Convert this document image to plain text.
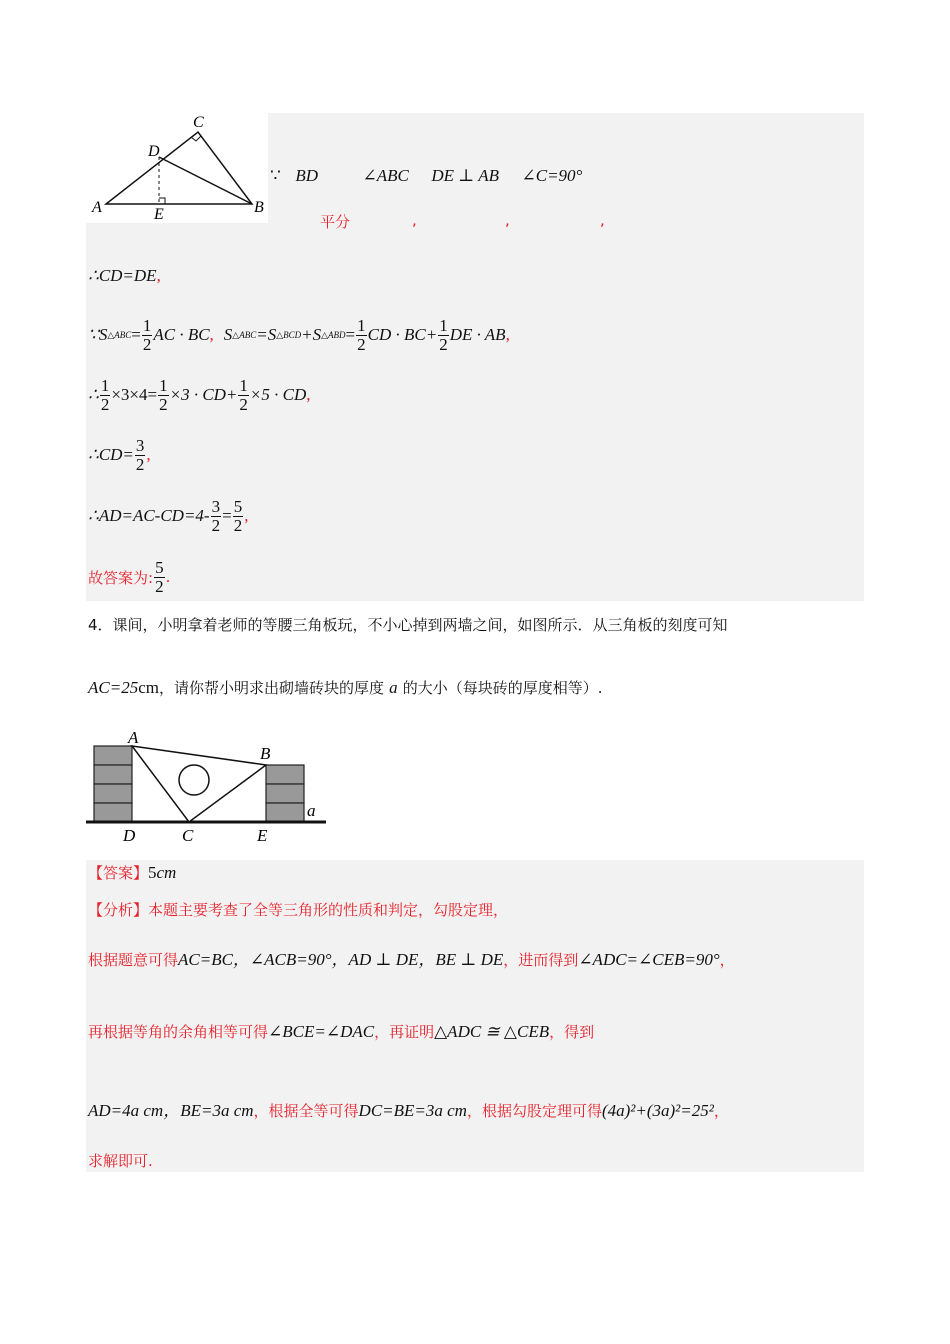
A	B
C
D
E
∵ BD	∠ABC DE ⊥ AB ∠C=90°
平分	,	,	,
∴CD=DE ,
∵S △ABC = $\frac{1}{2}$ AC · BC , S △ABC =S △BCD +S △ABD = $\frac{1}{2}$ CD · $BC+ \frac{1}{2}$ DE · AB ,
∴ $\frac{1}{2} \times 3\times 4= \frac{1}{2} \times 3 \cdot CD+ \frac{1}{2} \times 5$ · CD ,
∴CD= $\frac{3}{2}$ ,
∴AD=AC-CD=4- $\frac{3}{2} = \frac{5}{2}$ ,
故答案为: $\frac{5}{2}$ .
4．课间，小明拿着老师的等腰三角板玩，不小心掉到两墙之间，如图所示．从三角板的刻度可知
AC=25cm，请你帮小明求出砌墙砖块的厚度 a 的大小（每块砖的厚度相等）.
A
B
C
D	E
a
【答案】5cm
【分析】本题主要考查了全等三角形的性质和判定，勾股定理，
根据题意可得AC=BC，∠ACB=90°，AD ⊥ DE，BE ⊥ DE，进而得到∠ADC=∠CEB=90°，
再根据等角的余角相等可得∠BCE=∠DAC，再证明△ADC ≅ △CEB，得到
AD=4a cm，BE=3a cm，根据全等可得DC=BE=3a cm，根据勾股定理可得(4a)²+(3a)²=25²，
求解即可.
